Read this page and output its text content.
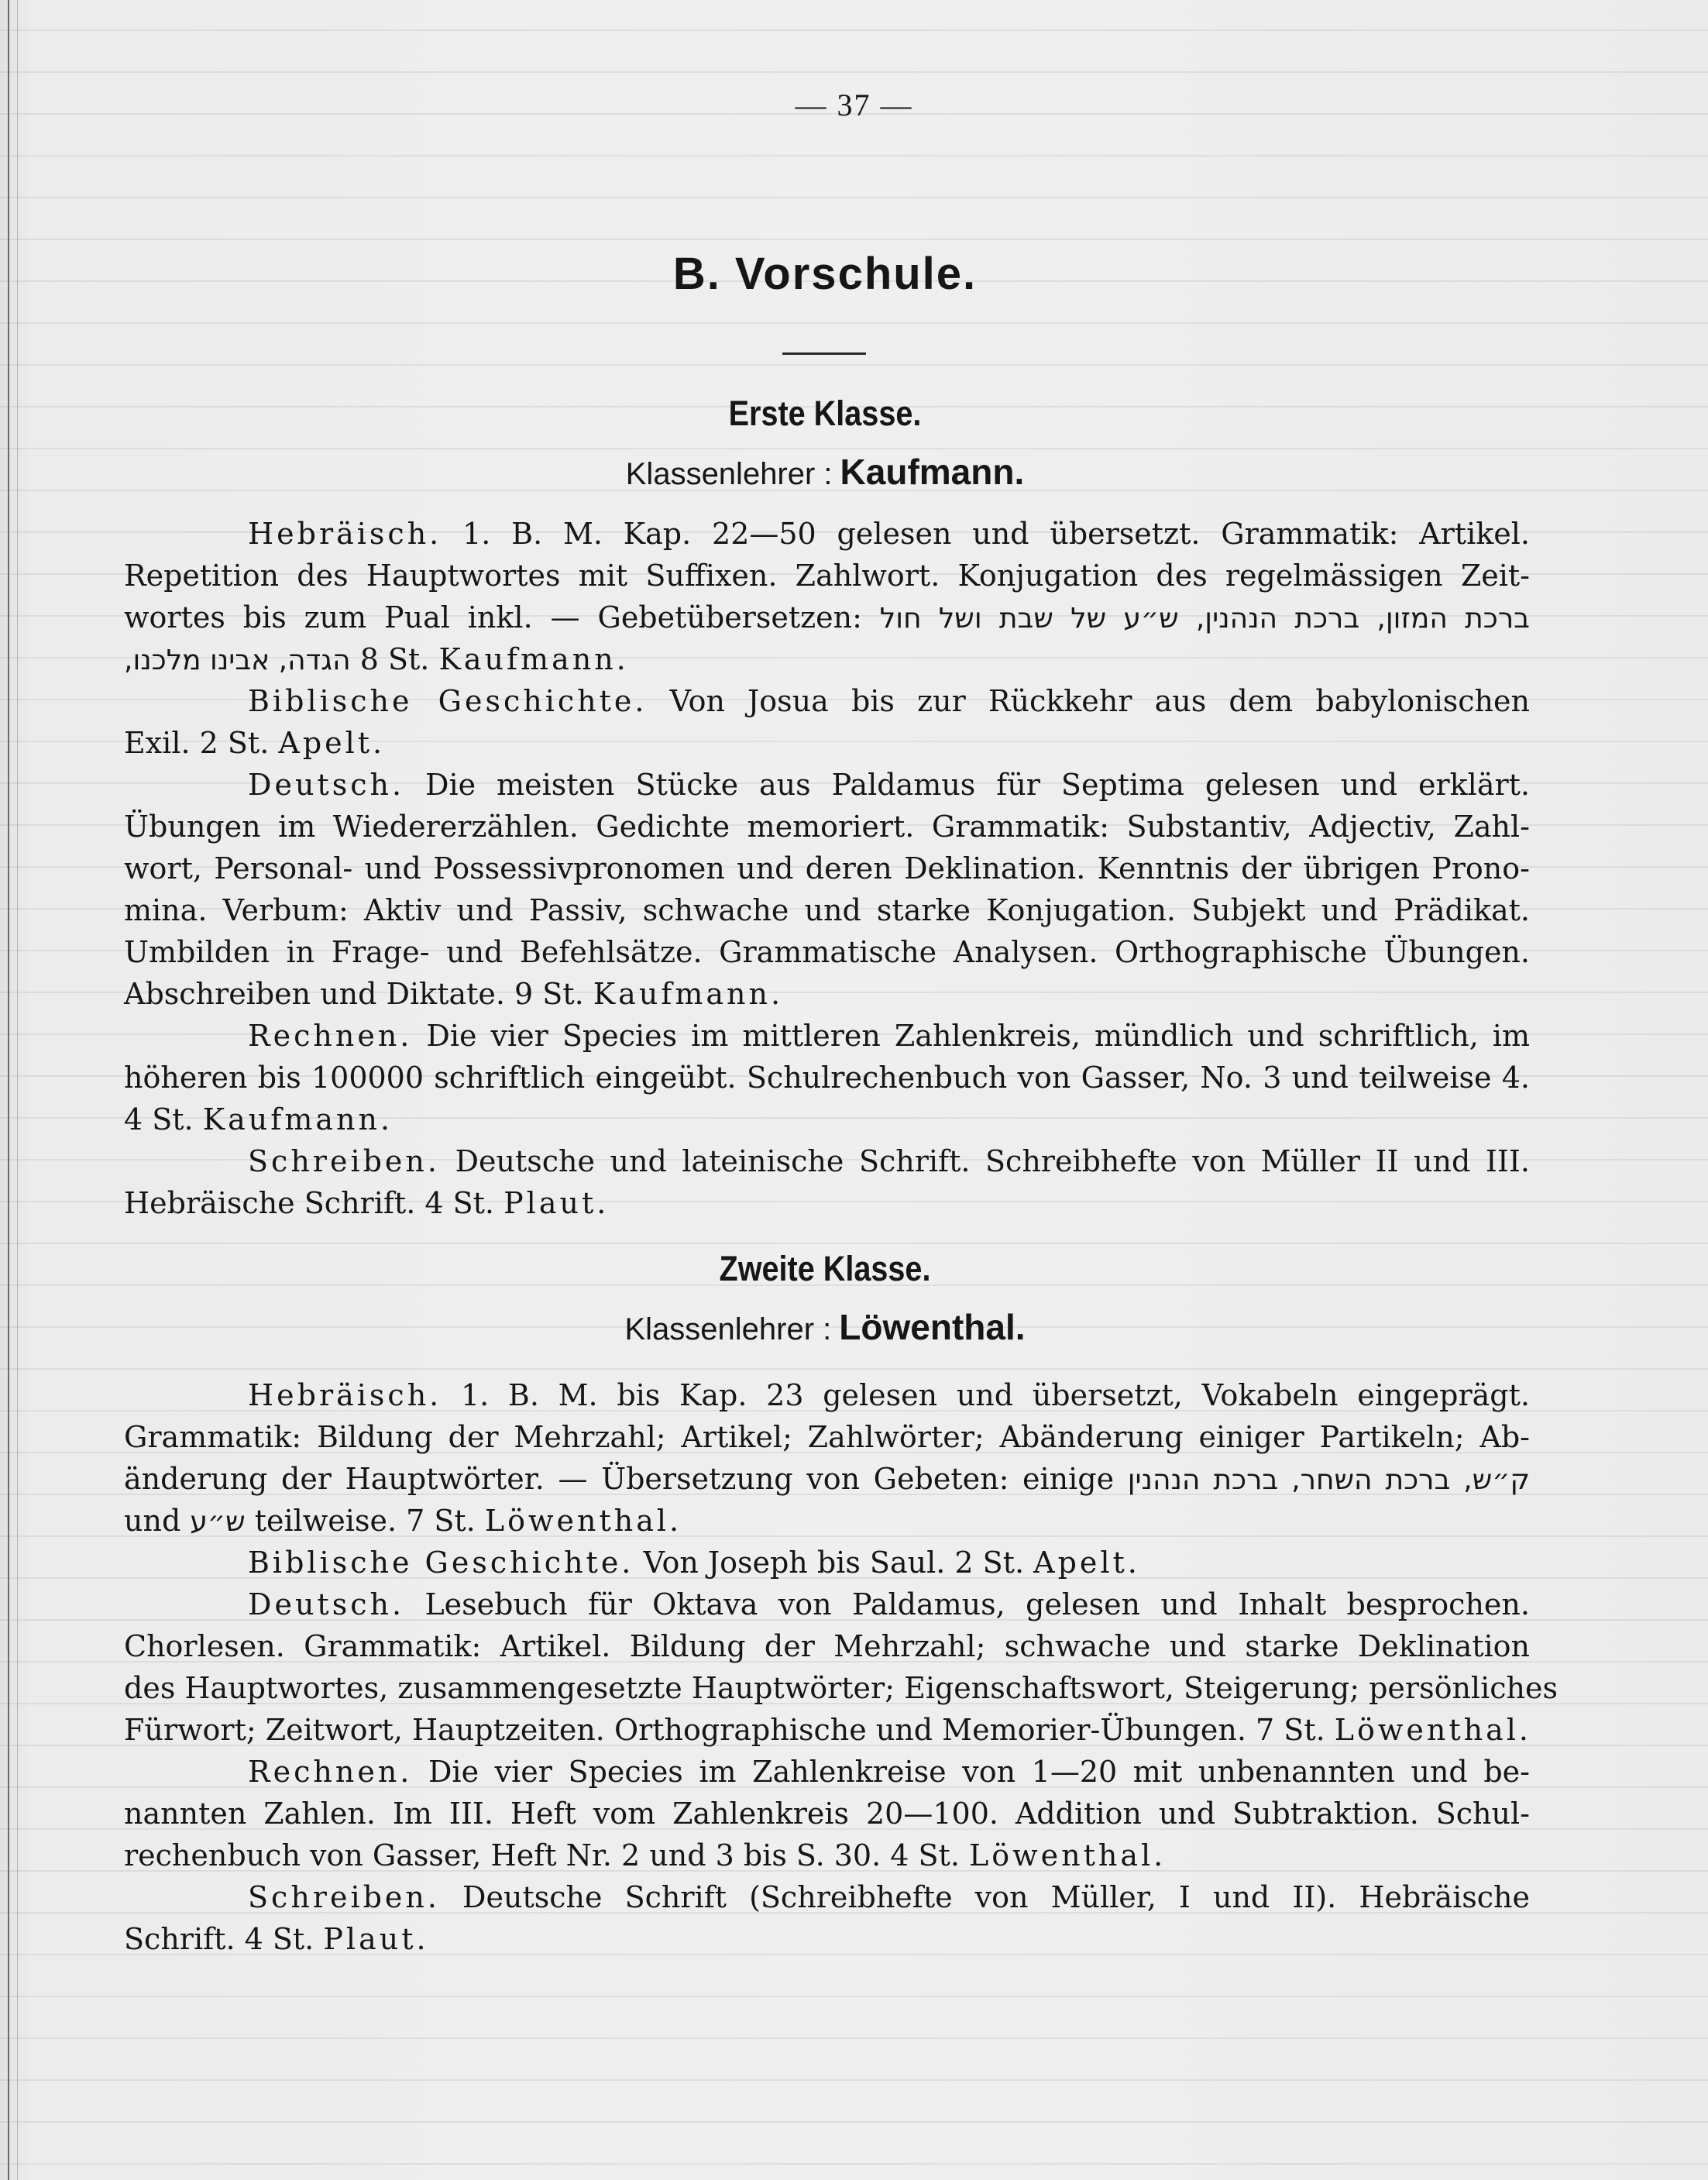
— 37 —
B. Vorschule.
Erste Klasse.
Klassenlehrer : Kaufmann.
Hebräisch. 1. B. M. Kap. 22—50 gelesen und übersetzt. Grammatik: Artikel.
Repetition des Hauptwortes mit Suffixen. Zahlwort. Konjugation des regelmässigen Zeit-
wortes bis zum Pual inkl. — Gebetübersetzen: ברכת המזון, ברכת הנהנין, ש״ע של שבת ושל חול
הגדה, אבינו מלכנו, 8 St. Kaufmann.
Biblische Geschichte. Von Josua bis zur Rückkehr aus dem babylonischen
Exil. 2 St. Apelt.
Deutsch. Die meisten Stücke aus Paldamus für Septima gelesen und erklärt.
Übungen im Wiedererzählen. Gedichte memoriert. Grammatik: Substantiv, Adjectiv, Zahl-
wort, Personal- und Possessivpronomen und deren Deklination. Kenntnis der übrigen Prono-
mina. Verbum: Aktiv und Passiv, schwache und starke Konjugation. Subjekt und Prädikat.
Umbilden in Frage- und Befehlsätze. Grammatische Analysen. Orthographische Übungen.
Abschreiben und Diktate. 9 St. Kaufmann.
Rechnen. Die vier Species im mittleren Zahlenkreis, mündlich und schriftlich, im
höheren bis 100000 schriftlich eingeübt. Schulrechenbuch von Gasser, No. 3 und teilweise 4.
4 St. Kaufmann.
Schreiben. Deutsche und lateinische Schrift. Schreibhefte von Müller II und III.
Hebräische Schrift. 4 St. Plaut.
Zweite Klasse.
Klassenlehrer : Löwenthal.
Hebräisch. 1. B. M. bis Kap. 23 gelesen und übersetzt, Vokabeln eingeprägt.
Grammatik: Bildung der Mehrzahl; Artikel; Zahlwörter; Abänderung einiger Partikeln; Ab-
änderung der Hauptwörter. — Übersetzung von Gebeten: einige ק״ש, ברכת השחר, ברכת הנהנין
und ש״ע teilweise. 7 St. Löwenthal.
Biblische Geschichte. Von Joseph bis Saul. 2 St. Apelt.
Deutsch. Lesebuch für Oktava von Paldamus, gelesen und Inhalt besprochen.
Chorlesen. Grammatik: Artikel. Bildung der Mehrzahl; schwache und starke Deklination
des Hauptwortes, zusammengesetzte Hauptwörter; Eigenschaftswort, Steigerung; persönliches
Fürwort; Zeitwort, Hauptzeiten. Orthographische und Memorier-Übungen. 7 St. Löwenthal.
Rechnen. Die vier Species im Zahlenkreise von 1—20 mit unbenannten und be-
nannten Zahlen. Im III. Heft vom Zahlenkreis 20—100. Addition und Subtraktion. Schul-
rechenbuch von Gasser, Heft Nr. 2 und 3 bis S. 30. 4 St. Löwenthal.
Schreiben. Deutsche Schrift (Schreibhefte von Müller, I und II). Hebräische
Schrift. 4 St. Plaut.
